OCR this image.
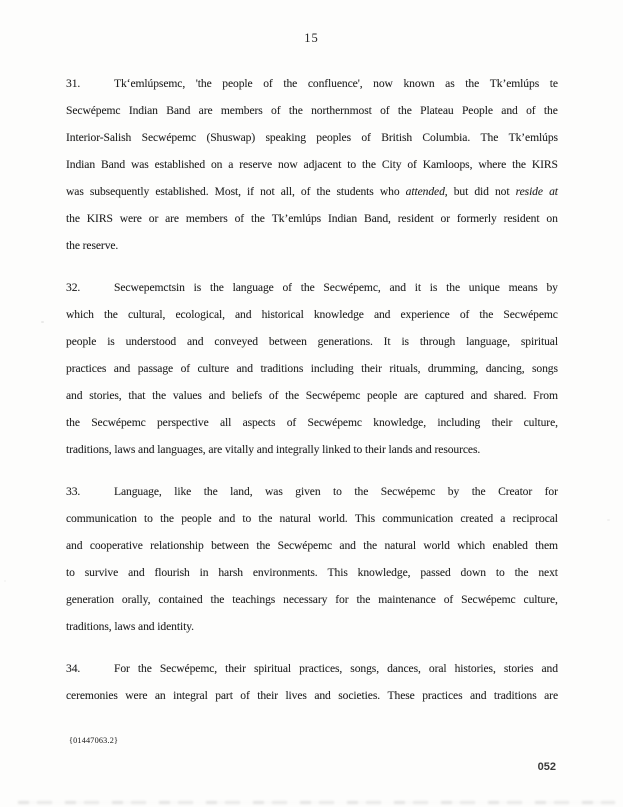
15
31.	Tkʻemlúpsemc, 'the people of the confluence', now known as the Tk’emlúps te
Secwépemc Indian Band are members of the northernmost of the Plateau People and of the
Interior-Salish Secwépemc (Shuswap) speaking peoples of British Columbia. The Tk’emlúps
Indian Band was established on a reserve now adjacent to the City of Kamloops, where the KIRS
was subsequently established. Most, if not all, of the students who attended, but did not reside at
the KIRS were or are members of the Tk’emlúps Indian Band, resident or formerly resident on
the reserve.
32.	Secwepemctsin is the language of the Secwépemc, and it is the unique means by
which the cultural, ecological, and historical knowledge and experience of the Secwépemc
people is understood and conveyed between generations. It is through language, spiritual
practices and passage of culture and traditions including their rituals, drumming, dancing, songs
and stories, that the values and beliefs of the Secwépemc people are captured and shared. From
the Secwépemc perspective all aspects of Secwépemc knowledge, including their culture,
traditions, laws and languages, are vitally and integrally linked to their lands and resources.
33.	Language, like the land, was given to the Secwépemc by the Creator for
communication to the people and to the natural world. This communication created a reciprocal
and cooperative relationship between the Secwépemc and the natural world which enabled them
to survive and flourish in harsh environments. This knowledge, passed down to the next
generation orally, contained the teachings necessary for the maintenance of Secwépemc culture,
traditions, laws and identity.
34.	For the Secwépemc, their spiritual practices, songs, dances, oral histories, stories and
ceremonies were an integral part of their lives and societies. These practices and traditions are
{01447063.2}
052
